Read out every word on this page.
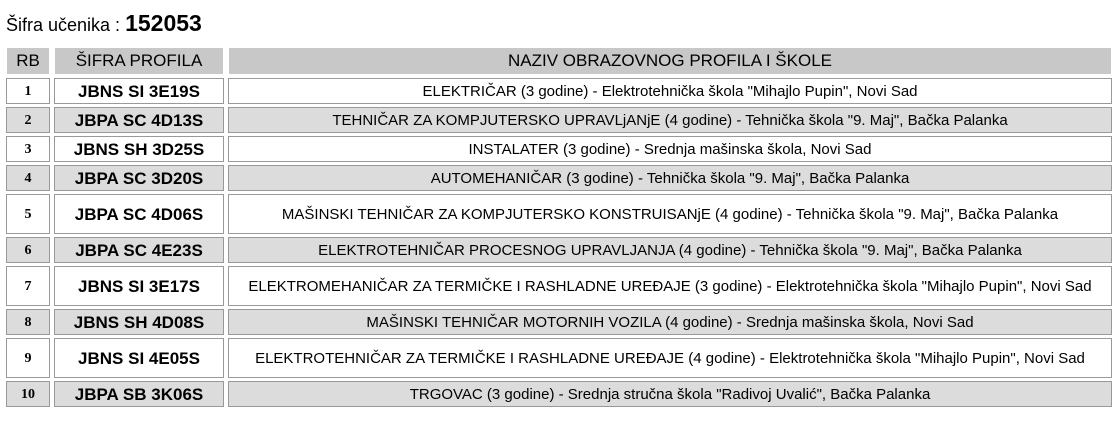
Šifra učenika : 152053
RB	ŠIFRA PROFILA	NAZIV OBRAZOVNOG PROFILA I ŠKOLE
1	JBNS SI 3E19S	ELEKTRIČAR (3 godine) - Elektrotehnička škola "Mihajlo Pupin", Novi Sad
2	JBPA SC 4D13S	TEHNIČAR ZA KOMPJUTERSKO UPRAVLjANjE (4 godine) - Tehnička škola "9. Maj", Bačka Palanka
3	JBNS SH 3D25S	INSTALATER (3 godine) - Srednja mašinska škola, Novi Sad
4	JBPA SC 3D20S	AUTOMEHANIČAR (3 godine) - Tehnička škola "9. Maj", Bačka Palanka
5	JBPA SC 4D06S	MAŠINSKI TEHNIČAR ZA KOMPJUTERSKO KONSTRUISANjE (4 godine) - Tehnička škola "9. Maj", Bačka Palanka
6	JBPA SC 4E23S	ELEKTROTEHNIČAR PROCESNOG UPRAVLJANJA (4 godine) - Tehnička škola "9. Maj", Bačka Palanka
7	JBNS SI 3E17S	ELEKTROMEHANIČAR ZA TERMIČKE I RASHLADNE UREĐAJE (3 godine) - Elektrotehnička škola "Mihajlo Pupin", Novi Sad
8	JBNS SH 4D08S	MAŠINSKI TEHNIČAR MOTORNIH VOZILA (4 godine) - Srednja mašinska škola, Novi Sad
9	JBNS SI 4E05S	ELEKTROTEHNIČAR ZA TERMIČKE I RASHLADNE UREĐAJE (4 godine) - Elektrotehnička škola "Mihajlo Pupin", Novi Sad
10	JBPA SB 3K06S	TRGOVAC (3 godine) - Srednja stručna škola "Radivoj Uvalić", Bačka Palanka
